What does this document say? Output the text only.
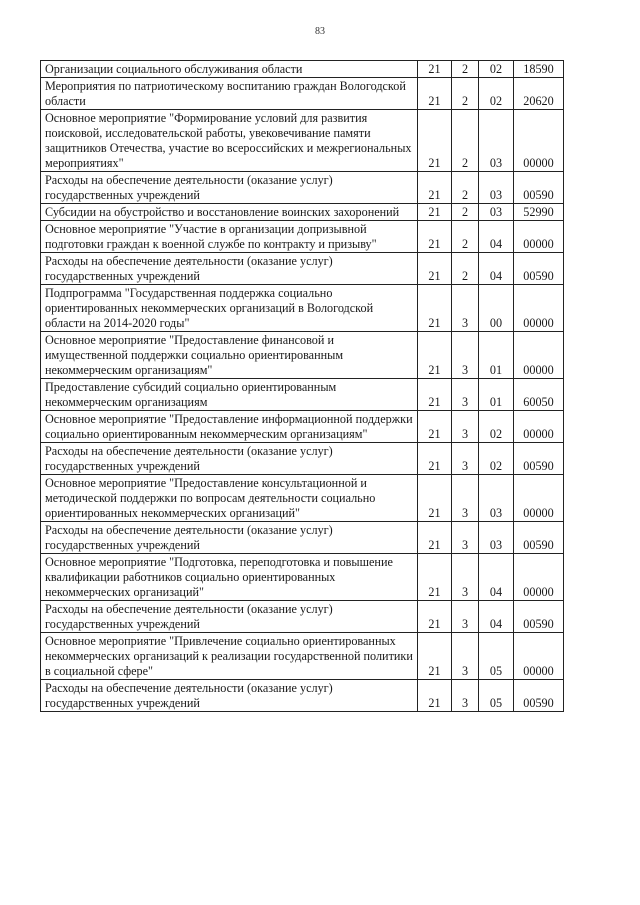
83
Организации социального обслуживания области	21	2	02	18590
Мероприятия по патриотическому воспитанию граждан Вологодской области	21	2	02	20620
Основное мероприятие "Формирование условий для развития поисковой, исследовательской работы, увековечивание памяти защитников Отечества, участие во всероссийских и межрегиональных мероприятиях"	21	2	03	00000
Расходы на обеспечение деятельности (оказание услуг) государственных учреждений	21	2	03	00590
Субсидии на обустройство и восстановление воинских захоронений	21	2	03	52990
Основное мероприятие "Участие в организации допризывной подготовки граждан к военной службе по контракту и призыву"	21	2	04	00000
Расходы на обеспечение деятельности (оказание услуг) государственных учреждений	21	2	04	00590
Подпрограмма "Государственная поддержка социально ориентированных некоммерческих организаций в Вологодской области на 2014-2020 годы"	21	3	00	00000
Основное мероприятие "Предоставление финансовой и имущественной поддержки социально ориентированным некоммерческим организациям"	21	3	01	00000
Предоставление субсидий социально ориентированным некоммерческим организациям	21	3	01	60050
Основное мероприятие "Предоставление информационной поддержки социально ориентированным некоммерческим организациям"	21	3	02	00000
Расходы на обеспечение деятельности (оказание услуг) государственных учреждений	21	3	02	00590
Основное мероприятие "Предоставление консультационной и методической поддержки по вопросам деятельности социально ориентированных некоммерческих организаций"	21	3	03	00000
Расходы на обеспечение деятельности (оказание услуг) государственных учреждений	21	3	03	00590
Основное мероприятие "Подготовка, переподготовка и повышение квалификации работников социально ориентированных некоммерческих организаций"	21	3	04	00000
Расходы на обеспечение деятельности (оказание услуг) государственных учреждений	21	3	04	00590
Основное мероприятие "Привлечение социально ориентированных некоммерческих организаций к реализации государственной политики в социальной сфере"	21	3	05	00000
Расходы на обеспечение деятельности (оказание услуг) государственных учреждений	21	3	05	00590
